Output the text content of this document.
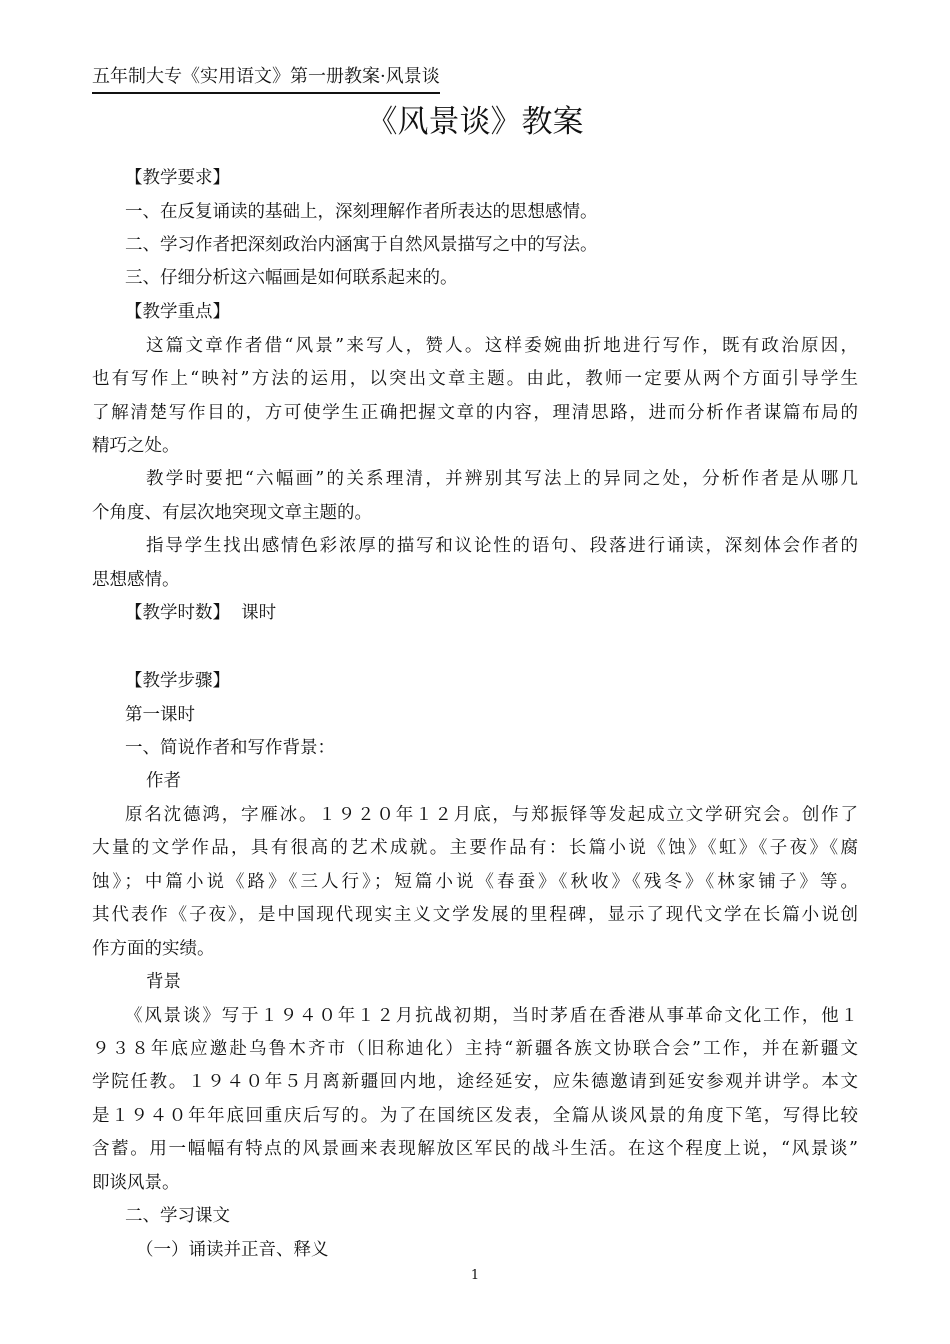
五年制大专《实用语文》第一册教案·风景谈
《风景谈》教案
【教学要求】
一、在反复诵读的基础上，深刻理解作者所表达的思想感情。
二、学习作者把深刻政治内涵寓于自然风景描写之中的写法。
三、仔细分析这六幅画是如何联系起来的。
【教学重点】
这篇文章作者借“风景”来写人，赞人。这样委婉曲折地进行写作，既有政治原因，
也有写作上“映衬”方法的运用，以突出文章主题。由此，教师一定要从两个方面引导学生
了解清楚写作目的，方可使学生正确把握文章的内容，理清思路，进而分析作者谋篇布局的
精巧之处。
教学时要把“六幅画”的关系理清，并辨别其写法上的异同之处，分析作者是从哪几
个角度、有层次地突现文章主题的。
指导学生找出感情色彩浓厚的描写和议论性的语句、段落进行诵读，深刻体会作者的
思想感情。
【教学时数】  课时
【教学步骤】
第一课时
一、简说作者和写作背景：
作者
原名沈德鸿，字雁冰。１９２０年１２月底，与郑振铎等发起成立文学研究会。创作了
大量的文学作品，具有很高的艺术成就。主要作品有：长篇小说《蚀》《虹》《子夜》《腐
蚀》；中篇小说《路》《三人行》；短篇小说《春蚕》《秋收》《残冬》《林家铺子》等。
其代表作《子夜》，是中国现代现实主义文学发展的里程碑，显示了现代文学在长篇小说创
作方面的实绩。
背景
《风景谈》写于１９４０年１２月抗战初期，当时茅盾在香港从事革命文化工作，他１
９３８年底应邀赴乌鲁木齐市（旧称迪化）主持“新疆各族文协联合会”工作，并在新疆文
学院任教。１９４０年５月离新疆回内地，途经延安，应朱德邀请到延安参观并讲学。本文
是１９４０年年底回重庆后写的。为了在国统区发表，全篇从谈风景的角度下笔，写得比较
含蓄。用一幅幅有特点的风景画来表现解放区军民的战斗生活。在这个程度上说，“风景谈”
即谈风景。
二、学习课文
（一）诵读并正音、释义
1
